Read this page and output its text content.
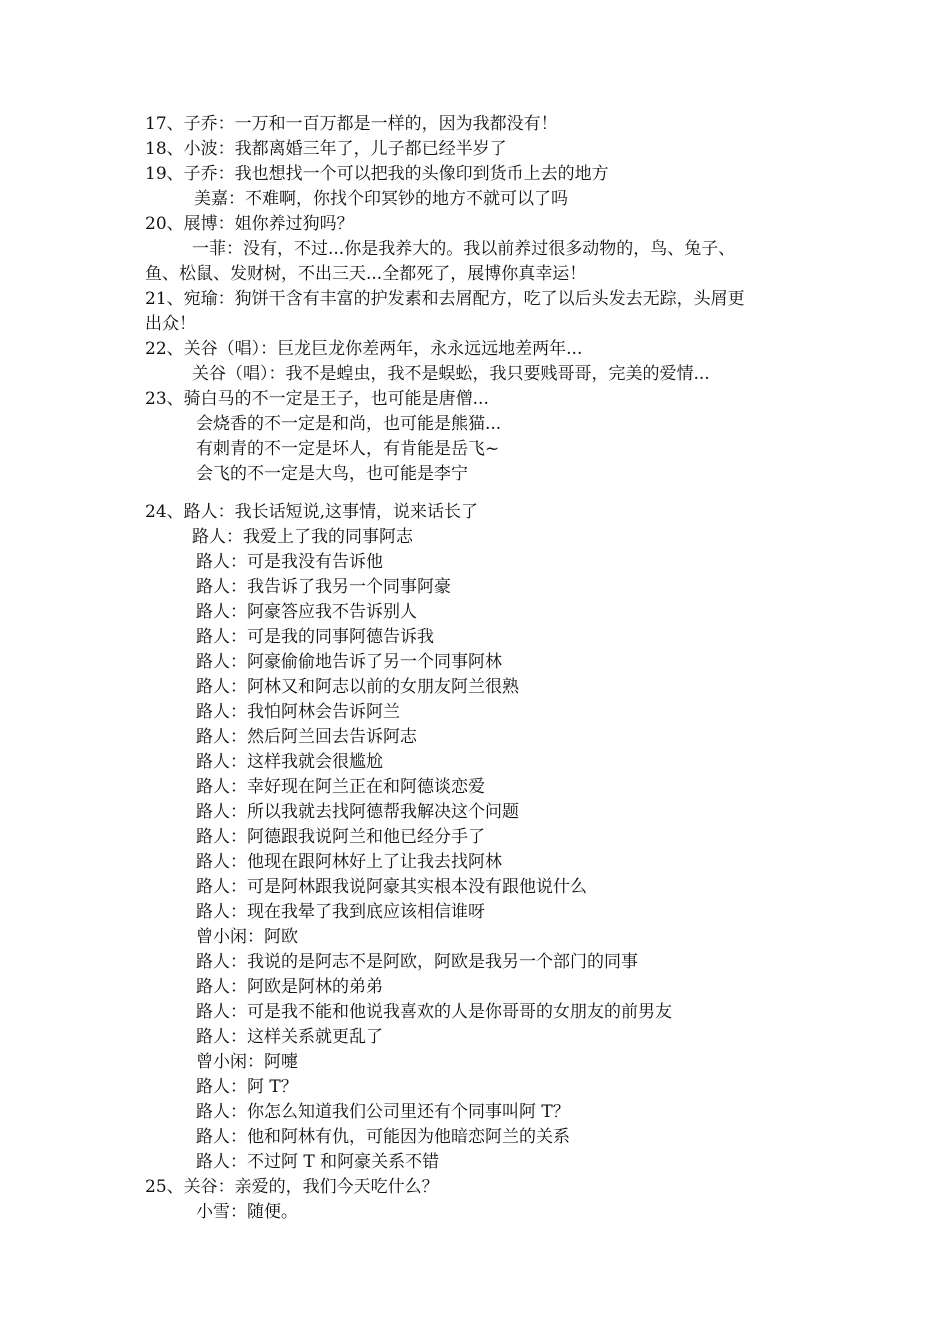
17、子乔：一万和一百万都是一样的，因为我都没有！
18、小波：我都离婚三年了，儿子都已经半岁了
19、子乔：我也想找一个可以把我的头像印到货币上去的地方
美嘉：不难啊，你找个印冥钞的地方不就可以了吗
20、展博：姐你养过狗吗？
一菲：没有，不过...你是我养大的。我以前养过很多动物的，鸟、兔子、
鱼、松鼠、发财树，不出三天...全都死了，展博你真幸运！
21、宛瑜：狗饼干含有丰富的护发素和去屑配方，吃了以后头发去无踪，头屑更
出众！
22、关谷（唱）：巨龙巨龙你差两年，永永远远地差两年...
关谷（唱）：我不是蝗虫，我不是蜈蚣，我只要贱哥哥，完美的爱情...
23、骑白马的不一定是王子，也可能是唐僧...
会烧香的不一定是和尚，也可能是熊猫...
有刺青的不一定是坏人，有肯能是岳飞~
会飞的不一定是大鸟，也可能是李宁
24、路人：我长话短说,这事情，说来话长了
路人：我爱上了我的同事阿志
路人：可是我没有告诉他
路人：我告诉了我另一个同事阿豪
路人：阿豪答应我不告诉别人
路人：可是我的同事阿德告诉我
路人：阿豪偷偷地告诉了另一个同事阿林
路人：阿林又和阿志以前的女朋友阿兰很熟
路人：我怕阿林会告诉阿兰
路人：然后阿兰回去告诉阿志
路人：这样我就会很尴尬
路人：幸好现在阿兰正在和阿德谈恋爱
路人：所以我就去找阿德帮我解决这个问题
路人：阿德跟我说阿兰和他已经分手了
路人：他现在跟阿林好上了让我去找阿林
路人：可是阿林跟我说阿豪其实根本没有跟他说什么
路人：现在我晕了我到底应该相信谁呀
曾小闲：阿欧
路人：我说的是阿志不是阿欧，阿欧是我另一个部门的同事
路人：阿欧是阿林的弟弟
路人：可是我不能和他说我喜欢的人是你哥哥的女朋友的前男友
路人：这样关系就更乱了
曾小闲：阿嚏
路人：阿 T？
路人：你怎么知道我们公司里还有个同事叫阿 T？
路人：他和阿林有仇，可能因为他暗恋阿兰的关系
路人：不过阿 T 和阿豪关系不错
25、关谷：亲爱的，我们今天吃什么？
小雪：随便。
